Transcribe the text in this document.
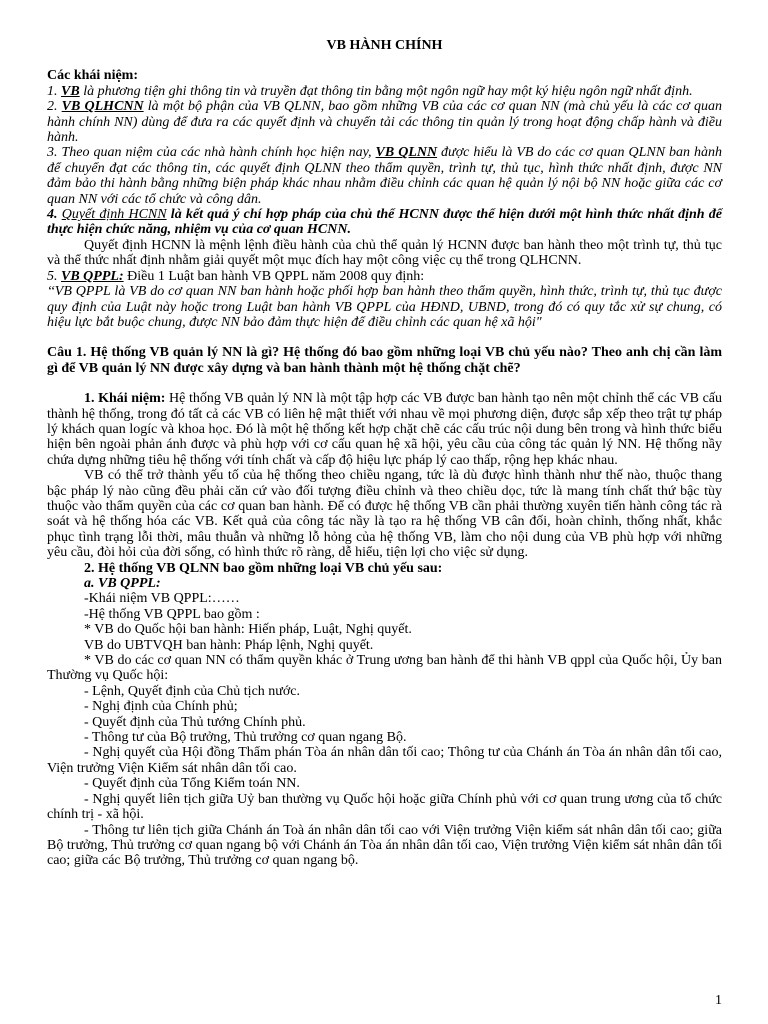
VB HÀNH CHÍNH

Các khái niệm:

1. VB là phương tiện ghi thông tin và truyền đạt thông tin bằng một ngôn ngữ hay một ký hiệu ngôn ngữ nhất định.

2. VB QLHCNN là một bộ phận của VB QLNN, bao gồm những VB của các cơ quan NN (mà chủ yếu là các cơ quan hành chính NN) dùng để đưa ra các quyết định và chuyển tải các thông tin quản lý trong hoạt động chấp hành và điều hành.

3. Theo quan niệm của các nhà hành chính học hiện nay, VB QLNN được hiểu là VB do các cơ quan QLNN ban hành để chuyển đạt các thông tin, các quyết định QLNN theo thẩm quyền, trình tự, thủ tục, hình thức nhất định, được NN đảm bảo thi hành bằng những biện pháp khác nhau nhằm điều chỉnh các quan hệ quản lý nội bộ NN hoặc giữa các cơ quan NN với các tổ chức và công dân.

4. Quyết định HCNN là kết quả ý chí hợp pháp của chủ thể HCNN được thể hiện dưới một hình thức nhất định để thực hiện chức năng, nhiệm vụ của cơ quan HCNN.

Quyết định HCNN là mệnh lệnh điều hành của chủ thể quản lý HCNN được ban hành theo một trình tự, thủ tục và thể thức nhất định nhằm giải quyết một mục đích hay một công việc cụ thể trong QLHCNN.

5. VB QPPL: Điều 1 Luật ban hành VB QPPL năm 2008 quy định:

‘‘VB QPPL là VB do cơ quan NN ban hành hoặc phối hợp ban hành theo thẩm quyền, hình thức, trình tự, thủ tục được quy định của Luật này hoặc trong Luật ban hành VB QPPL của HĐND, UBND, trong đó có quy tắc xử sự chung, có hiệu lực bắt buộc chung, được NN bảo đảm thực hiện để điều chỉnh các quan hệ xã hội"

Câu 1. Hệ thống VB quản lý NN là gì? Hệ thống đó bao gồm những loại VB chủ yếu nào? Theo anh chị cần làm gì để VB quản lý NN được xây dựng và ban hành thành một hệ thống chặt chẽ?

1. Khái niệm: Hệ thống VB quản lý NN là một tập hợp các VB được ban hành tạo nên một chỉnh thể các VB cấu thành hệ thống, trong đó tất cả các VB có liên hệ mật thiết với nhau về mọi phương diện, được sắp xếp theo trật tự pháp lý khách quan logíc và khoa học. Đó là một hệ thống kết hợp chặt chẽ các cấu trúc nội dung bên trong và hình thức biểu hiện bên ngoài phản ánh được và phù hợp với cơ cấu quan hệ xã hội, yêu cầu của công tác quản lý NN. Hệ thống nầy chứa dựng những tiêu hệ thống với tính chất và cấp độ hiệu lực pháp lý cao thấp, rộng hẹp khác nhau.

VB có thể trở thành yếu tố của hệ thống theo chiều ngang, tức là dù được hình thành như thế nào, thuộc thang bậc pháp lý nào cũng đều phải căn cứ vào đối tượng điều chỉnh và theo chiều dọc, tức là mang tính chất thứ bậc tùy thuộc vào thẩm quyền của các cơ quan ban hành. Để có được hệ thống VB cần phải thường xuyên tiến hành công tác rà soát và hệ thống hóa các VB. Kết quả của công tác nầy là tạo ra hệ thống VB cân đối, hoàn chỉnh, thống nhất, khắc phục tình trạng lỗi thời, mâu thuẫn và những lỗ hỏng của hệ thống VB, làm cho nội dung của VB phù hợp với những yêu cầu, đòi hỏi của đời sống, có hình thức rõ ràng, dễ hiểu, tiện lợi cho việc sử dụng.

2. Hệ thống VB QLNN bao gồm những loại VB chủ yếu sau:

a. VB QPPL:

-Khái niệm VB QPPL:……

-Hệ thống VB QPPL bao gồm :

* VB do Quốc hội ban hành: Hiến pháp, Luật, Nghị quyết.

VB do UBTVQH ban hành: Pháp lệnh, Nghị quyết.

* VB do các cơ quan NN có thẩm quyền khác ở Trung ương ban hành để thi hành VB qppl của Quốc hội, Ủy ban Thường vụ Quốc hội:

- Lệnh, Quyết định của Chủ tịch nước.

- Nghị định của Chính phủ;

- Quyết định của Thủ tướng Chính phủ.

- Thông tư của Bộ trưởng, Thủ trưởng cơ quan ngang Bộ.

- Nghị quyết của Hội đồng Thẩm phán Tòa án nhân dân tối cao; Thông tư của Chánh án Tòa án nhân dân tối cao, Viện trưởng Viện Kiểm sát nhân dân tối cao.

- Quyết định của Tổng Kiểm toán NN.

- Nghị quyết liên tịch giữa Uỷ ban thường vụ Quốc hội hoặc giữa Chính phủ với cơ quan trung ương của tổ chức chính trị - xã hội.

- Thông tư liên tịch giữa Chánh án Toà án nhân dân tối cao với Viện trưởng Viện kiểm sát nhân dân tối cao; giữa Bộ trưởng, Thủ trưởng cơ quan ngang bộ với Chánh án Tòa án nhân dân tối cao, Viện trưởng Viện kiểm sát nhân dân tối cao; giữa các Bộ trưởng, Thủ trưởng cơ quan ngang bộ.

1
